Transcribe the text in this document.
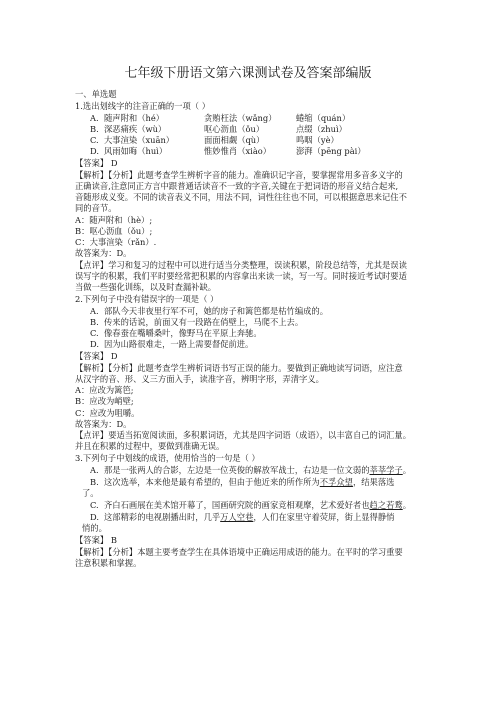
七年级下册语文第六课测试卷及答案部编版
一、单选题
1.选出划线字的注音正确的一项（ ）
A. 随声附和（hé）	贪贿枉法（wǎng） 蜷缩（quán）
B. 深恶痛疾（wù）	呕心沥血（ǒu）	点缀（zhuì）
C. 大事渲染（xuān）	面面相觑（qù）	鸣咽（yè）
D. 风雨如晦（huì）	惟妙惟肖（xiào）	澎湃（pēng pài）
【答案】 D
【解析】【分析】此题考查学生辨析字音的能力。准确识记字音，要掌握常用多音多义字的
正确读音,注意同正方言中跟普通话读音不一致的字音,关键在于把词语的形音义结合起来,
音随形成义变。不同的读音表义不同，用法不同，词性往往也不同，可以根据意思来记住不
同的音节。
A：随声附和（hè）;
B：呕心沥血（ǒu）;
C：大事渲染（rǎn）.
故答案为：D。
【点评】学习和复习的过程中可以进行适当分类整理，误读积累，阶段总结等，尤其是误读
误写字的积累，我们平时要经常把积累的内容拿出来读一读，写一写。同时接近考试时要适
当做一些强化训练，以及时查漏补缺。
2.下列句子中没有错误字的一项是（ ）
A. 部队今天非夜里行军不可，她的房子和篱笆都是枯竹编成的。
B. 传来的话说，前面又有一段路在俏壁上，马爬不上去。
C. 像春蚕在嘴嚼桑叶，像野马在平原上奔驰。
D. 因为山路很难走，一路上需要督促前进。
【答案】 D
【解析】【分析】此题考查学生辨析词语书写正误的能力。要做到正确地读写词语，应注意
从汉字的音、形、义三方面入手，读准字音，辨明字形，弄清字义。
A：应改为篱笆;
B：应改为峭壁;
C：应改为咀嚼。
故答案为：D。
【点评】要适当拓宽阅读面，多积累词语，尤其是四字词语（成语），以丰富自己的词汇量。
并且在积累的过程中，要做到准确无误。
3.下列句子中划线的成语，使用恰当的一句是（ ）
A. 那是一张两人的合影，左边是一位英俊的解放军战士，右边是一位文弱的莘莘学子。
B. 这次选举，本来他是最有希望的，但由于他近来的所作所为不孚众望，结果落选
了。
C. 齐白石画展在美术馆开幕了，国画研究院的画家竞相观摩，艺术爱好者也趋之若鹜。
D. 这部精彩的电视剧播出时，几乎万人空巷，人们在家里守着荧屏，街上显得静悄
悄的。
【答案】 B
【解析】【分析】本题主要考查学生在具体语境中正确运用成语的能力。在平时的学习重要
注意积累和掌握。
